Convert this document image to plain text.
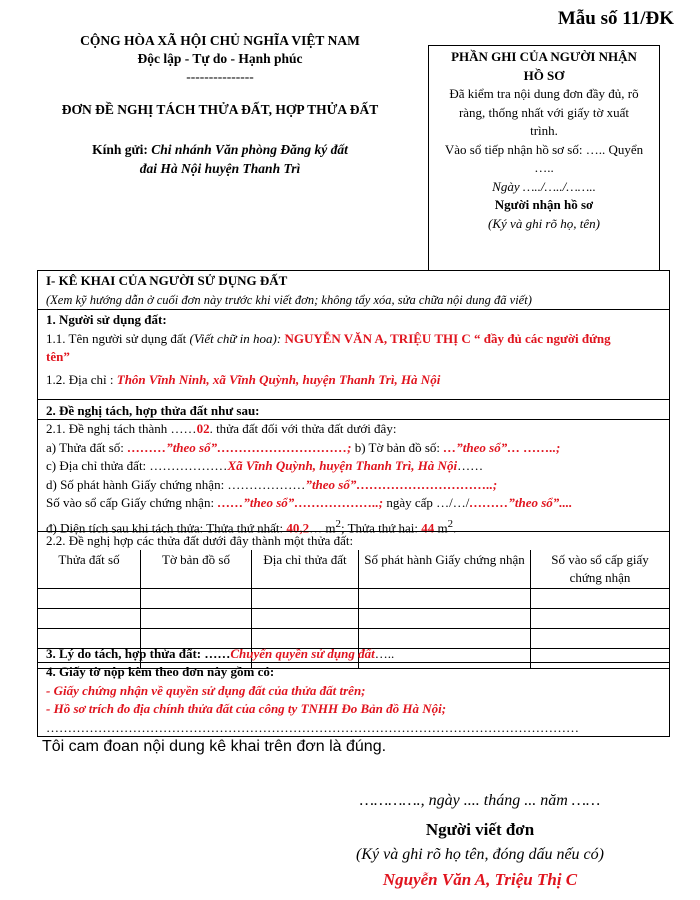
Mẫu số 11/ĐK
CỘNG HÒA XÃ HỘI CHỦ NGHĨA VIỆT NAM
Độc lập - Tự do - Hạnh phúc
---------------
ĐƠN ĐỀ NGHỊ TÁCH THỬA ĐẤT, HỢP THỬA ĐẤT
Kính gửi: Chi nhánh Văn phòng Đăng ký đất
đai Hà Nội huyện Thanh Trì
PHẦN GHI CỦA NGƯỜI NHẬN
HỒ SƠ
Đã kiểm tra nội dung đơn đầy đủ, rõ
ràng, thống nhất với giấy tờ xuất
trình.
Vào sổ tiếp nhận hồ sơ số: ….. Quyển
…..
Ngày …../…../……..
Người nhận hồ sơ
(Ký và ghi rõ họ, tên)
I- KÊ KHAI CỦA NGƯỜI SỬ DỤNG ĐẤT
(Xem kỹ hướng dẫn ở cuối đơn này trước khi viết đơn; không tẩy xóa, sửa chữa nội dung đã viết)
1. Người sử dụng đất:
1.1. Tên người sử dụng đất (Viết chữ in hoa): NGUYỄN VĂN A, TRIỆU THỊ C “ đầy đủ các người đứng
tên”
1.2. Địa chỉ : Thôn Vĩnh Ninh, xã Vĩnh Quỳnh, huyện Thanh Trì, Hà Nội
2. Đề nghị tách, hợp thửa đất như sau:
2.1. Đề nghị tách thành ……02. thửa đất đối với thửa đất dưới đây:
a) Thửa đất số: ………”theo sổ”…………………………; b) Tờ bản đồ số: …”theo sổ”… ……..;
c) Địa chỉ thửa đất: ………………Xã Vĩnh Quỳnh, huyện Thanh Trì, Hà Nội……
d) Số phát hành Giấy chứng nhận: ………………”theo sổ”…………………………..;
Số vào sổ cấp Giấy chứng nhận: ……”theo sổ”………………..; ngày cấp …/…/………”theo sổ”....
đ) Diện tích sau khi tách thửa: Thửa thứ nhất: 40,2… $m^2$; Thửa thứ hai: 44 $m^2$.
2.2. Đề nghị hợp các thửa đất dưới đây thành một thửa đất:
Thửa đất số	Tờ bản đồ số	Địa chỉ thửa đất	Số phát hành Giấy chứng nhận	Số vào sổ cấp giấy chứng nhận

3. Lý do tách, hợp thửa đất: ……Chuyển quyền sử dụng đất…..
4. Giấy tờ nộp kèm theo đơn này gồm có:
- Giấy chứng nhận về quyền sử dụng đất của thửa đất trên;
- Hồ sơ trích đo địa chính thửa đất của công ty TNHH Đo Bản đồ Hà Nội;
……………………………………………………………………………………………………………
Tôi cam đoan nội dung kê khai trên đơn là đúng.
…………., ngày .... tháng ... năm ……
Người viết đơn
(Ký và ghi rõ họ tên, đóng dấu nếu có)
Nguyễn Văn A, Triệu Thị C
